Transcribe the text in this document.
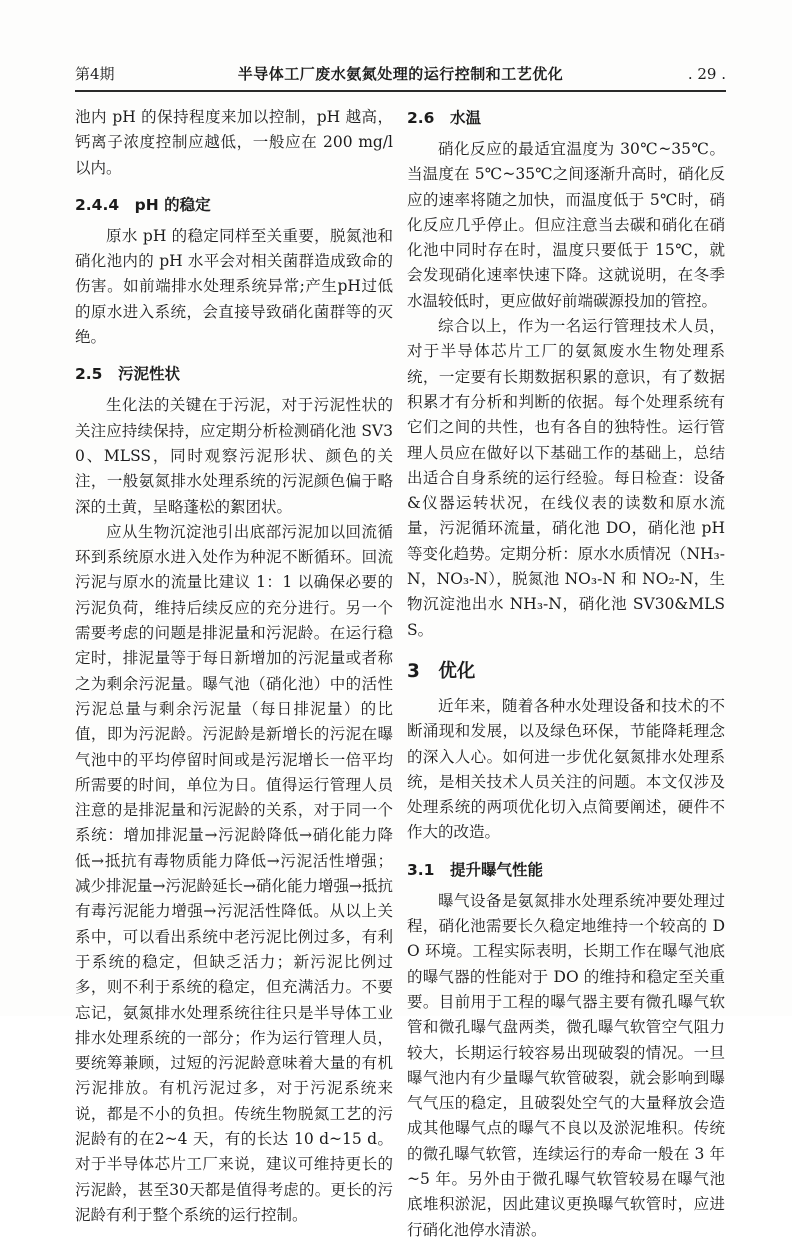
第4期	半导体工厂废水氨氮处理的运行控制和工艺优化	. 29 .

池内 pH 的保持程度来加以控制，pH 越高，钙离子浓度控制应越低，一般应在 200 mg/l 以内。

2.4.4　pH 的稳定

原水 pH 的稳定同样至关重要，脱氮池和硝化池内的 pH 水平会对相关菌群造成致命的伤害。如前端排水处理系统异常;产生pH过低的原水进入系统，会直接导致硝化菌群等的灭绝。

2.5　污泥性状

生化法的关键在于污泥，对于污泥性状的关注应持续保持，应定期分析检测硝化池 SV30、MLSS，同时观察污泥形状、颜色的关注，一般氨氮排水处理系统的污泥颜色偏于略深的土黄，呈略蓬松的絮团状。

应从生物沉淀池引出底部污泥加以回流循环到系统原水进入处作为种泥不断循环。回流污泥与原水的流量比建议 1：1 以确保必要的污泥负荷，维持后续反应的充分进行。另一个需要考虑的问题是排泥量和污泥龄。在运行稳定时，排泥量等于每日新增加的污泥量或者称之为剩余污泥量。曝气池（硝化池）中的活性污泥总量与剩余污泥量（每日排泥量）的比值，即为污泥龄。污泥龄是新增长的污泥在曝气池中的平均停留时间或是污泥增长一倍平均所需要的时间，单位为日。值得运行管理人员注意的是排泥量和污泥龄的关系，对于同一个系统：增加排泥量→污泥龄降低→硝化能力降低→抵抗有毒物质能力降低→污泥活性增强；减少排泥量→污泥龄延长→硝化能力增强→抵抗有毒污泥能力增强→污泥活性降低。从以上关系中，可以看出系统中老污泥比例过多，有利于系统的稳定，但缺乏活力；新污泥比例过多，则不利于系统的稳定，但充满活力。不要忘记，氨氮排水处理系统往往只是半导体工业排水处理系统的一部分；作为运行管理人员，要统筹兼顾，过短的污泥龄意味着大量的有机污泥排放。有机污泥过多，对于污泥系统来说，都是不小的负担。传统生物脱氮工艺的污泥龄有的在2~4 天，有的长达 10 d~15 d。对于半导体芯片工厂来说，建议可维持更长的污泥龄，甚至30天都是值得考虑的。更长的污泥龄有利于整个系统的运行控制。

2.6　水温

硝化反应的最适宜温度为 30℃~35℃。当温度在 5℃~35℃之间逐渐升高时，硝化反应的速率将随之加快，而温度低于 5℃时，硝化反应几乎停止。但应注意当去碳和硝化在硝化池中同时存在时，温度只要低于 15℃，就会发现硝化速率快速下降。这就说明，在冬季水温较低时，更应做好前端碳源投加的管控。

综合以上，作为一名运行管理技术人员，对于半导体芯片工厂的氨氮废水生物处理系统，一定要有长期数据积累的意识，有了数据积累才有分析和判断的依据。每个处理系统有它们之间的共性，也有各自的独特性。运行管理人员应在做好以下基础工作的基础上，总结出适合自身系统的运行经验。每日检查：设备&仪器运转状况，在线仪表的读数和原水流量，污泥循环流量，硝化池 DO，硝化池 pH 等变化趋势。定期分析：原水水质情况（NH₃-N，NO₃-N），脱氮池 NO₃-N 和 NO₂-N，生物沉淀池出水 NH₃-N，硝化池 SV30&MLSS。

3　优化

近年来，随着各种水处理设备和技术的不断涌现和发展，以及绿色环保，节能降耗理念的深入人心。如何进一步优化氨氮排水处理系统，是相关技术人员关注的问题。本文仅涉及处理系统的两项优化切入点简要阐述，硬件不作大的改造。

3.1　提升曝气性能

曝气设备是氨氮排水处理系统冲要处理过程，硝化池需要长久稳定地维持一个较高的 DO 环境。工程实际表明，长期工作在曝气池底的曝气器的性能对于 DO 的维持和稳定至关重要。目前用于工程的曝气器主要有微孔曝气软管和微孔曝气盘两类，微孔曝气软管空气阻力较大，长期运行较容易出现破裂的情况。一旦曝气池内有少量曝气软管破裂，就会影响到曝气气压的稳定，且破裂处空气的大量释放会造成其他曝气点的曝气不良以及淤泥堆积。传统的微孔曝气软管，连续运行的寿命一般在 3 年~5 年。另外由于微孔曝气软管较易在曝气池底堆积淤泥，因此建议更换曝气软管时，应进行硝化池停水清淤。
